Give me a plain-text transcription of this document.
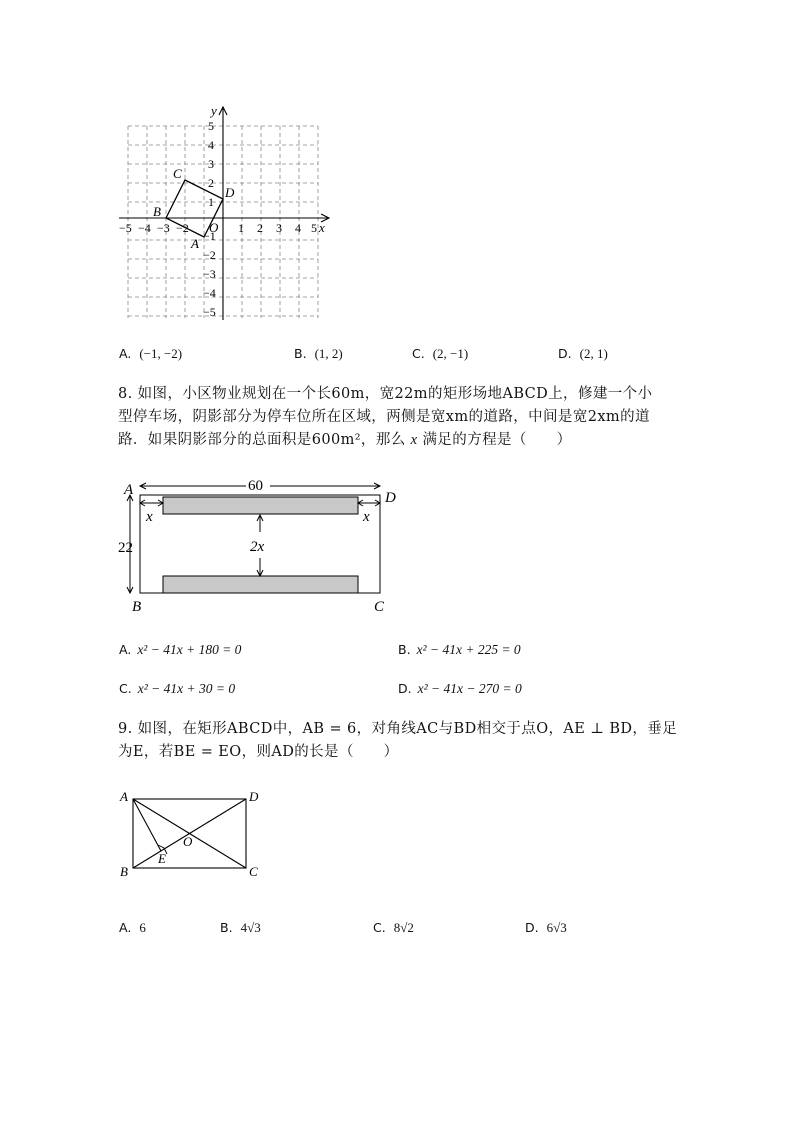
5
4
3
2
1
−1
−2
−3
−4
−5
−5 −4 −3 −2	1 2 3 4 5 x
y
O
A
B
C
D
A. (−1, −2)	B. (1, 2)	C. (2, −1)	D. (2, 1)
8. 如图，小区物业规划在一个长60m，宽22m的矩形场地ABCD上，修建一个小
型停车场，阴影部分为停车位所在区域，两侧是宽xm的道路，中间是宽2xm的道
路．如果阴影部分的总面积是600m²，那么 x 满足的方程是（　　）
A	D
B	C
x	x
2x
60
22
A. x² − 41x + 180 = 0	B. x² − 41x + 225 = 0
C. x² − 41x + 30 = 0	D. x² − 41x − 270 = 0
9. 如图，在矩形ABCD中，AB = 6，对角线AC与BD相交于点O，AE ⊥ BD，垂足
为E，若BE = EO，则AD的长是（　　）
A	D
B	C
E
O
A. 6	B. 4√3	C. 8√2	D. 6√3
